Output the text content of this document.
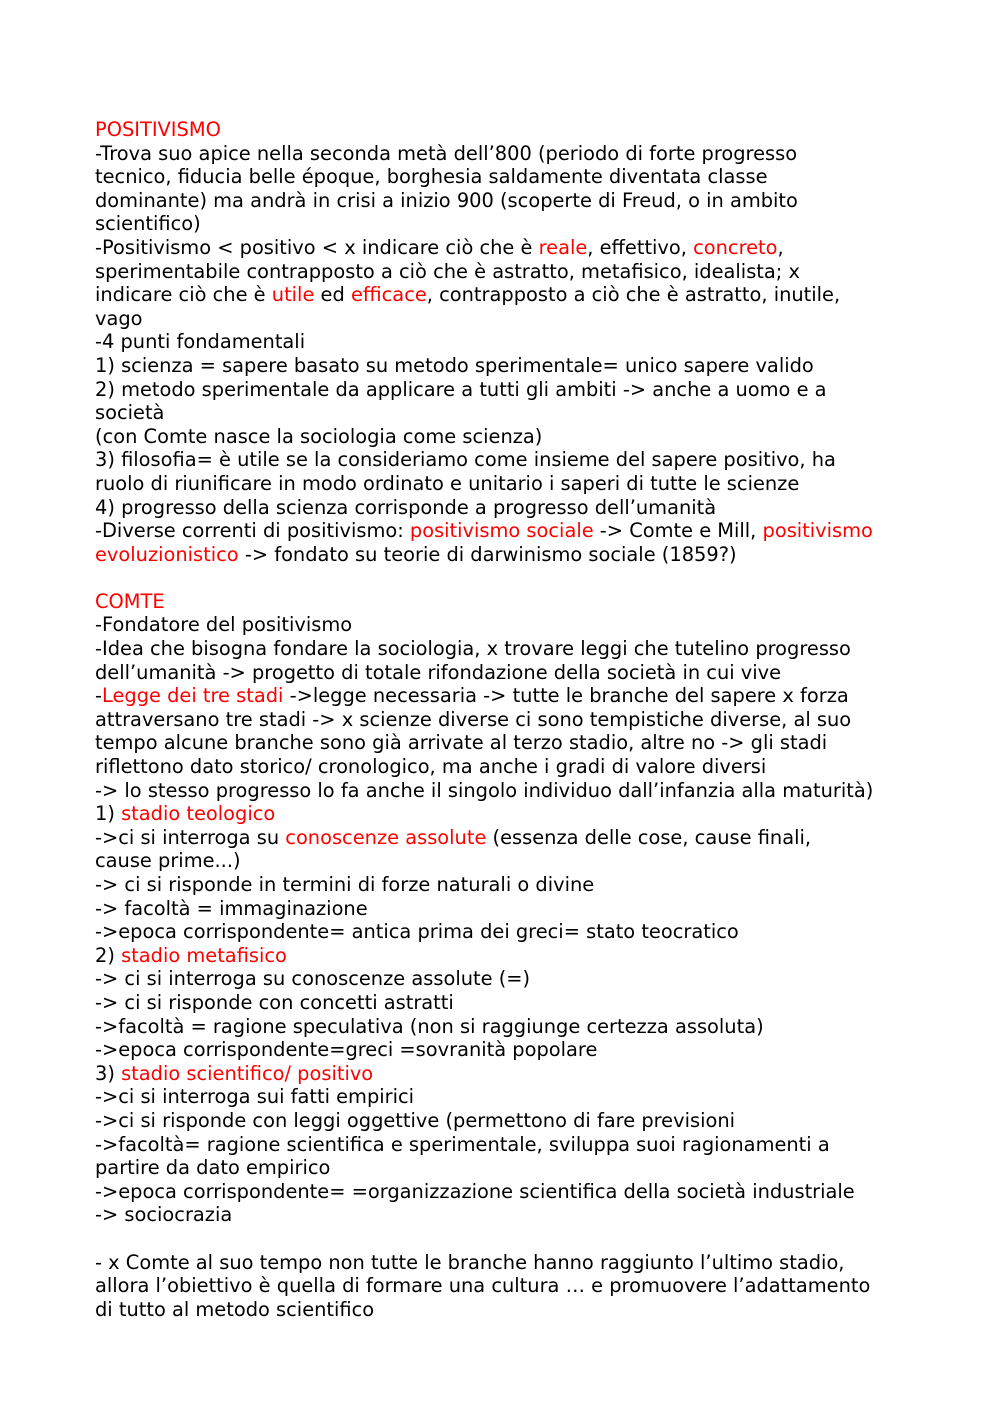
POSITIVISMO
-Trova suo apice nella seconda metà dell’800 (periodo di forte progresso
tecnico, fiducia belle époque, borghesia saldamente diventata classe
dominante) ma andrà in crisi a inizio 900 (scoperte di Freud, o in ambito
scientifico)
-Positivismo < positivo < x indicare ciò che è reale, effettivo, concreto,
sperimentabile contrapposto a ciò che è astratto, metafisico, idealista; x
indicare ciò che è utile ed efficace, contrapposto a ciò che è astratto, inutile,
vago
-4 punti fondamentali
1) scienza = sapere basato su metodo sperimentale= unico sapere valido
2) metodo sperimentale da applicare a tutti gli ambiti -> anche a uomo e a
società
(con Comte nasce la sociologia come scienza)
3) filosofia= è utile se la consideriamo come insieme del sapere positivo, ha
ruolo di riunificare in modo ordinato e unitario i saperi di tutte le scienze
4) progresso della scienza corrisponde a progresso dell’umanità
-Diverse correnti di positivismo: positivismo sociale -> Comte e Mill, positivismo
evoluzionistico -> fondato su teorie di darwinismo sociale (1859?)
COMTE
-Fondatore del positivismo
-Idea che bisogna fondare la sociologia, x trovare leggi che tutelino progresso
dell’umanità -> progetto di totale rifondazione della società in cui vive
-Legge dei tre stadi ->legge necessaria -> tutte le branche del sapere x forza
attraversano tre stadi -> x scienze diverse ci sono tempistiche diverse, al suo
tempo alcune branche sono già arrivate al terzo stadio, altre no -> gli stadi
riflettono dato storico/ cronologico, ma anche i gradi di valore diversi
-> lo stesso progresso lo fa anche il singolo individuo dall’infanzia alla maturità)
1) stadio teologico
->ci si interroga su conoscenze assolute (essenza delle cose, cause finali,
cause prime...)
-> ci si risponde in termini di forze naturali o divine
-> facoltà = immaginazione
->epoca corrispondente= antica prima dei greci= stato teocratico
2) stadio metafisico
-> ci si interroga su conoscenze assolute (=)
-> ci si risponde con concetti astratti
->facoltà = ragione speculativa (non si raggiunge certezza assoluta)
->epoca corrispondente=greci =sovranità popolare
3) stadio scientifico/ positivo
->ci si interroga sui fatti empirici
->ci si risponde con leggi oggettive (permettono di fare previsioni
->facoltà= ragione scientifica e sperimentale, sviluppa suoi ragionamenti a
partire da dato empirico
->epoca corrispondente= =organizzazione scientifica della società industriale
-> sociocrazia
- x Comte al suo tempo non tutte le branche hanno raggiunto l’ultimo stadio,
allora l’obiettivo è quella di formare una cultura … e promuovere l’adattamento
di tutto al metodo scientifico
